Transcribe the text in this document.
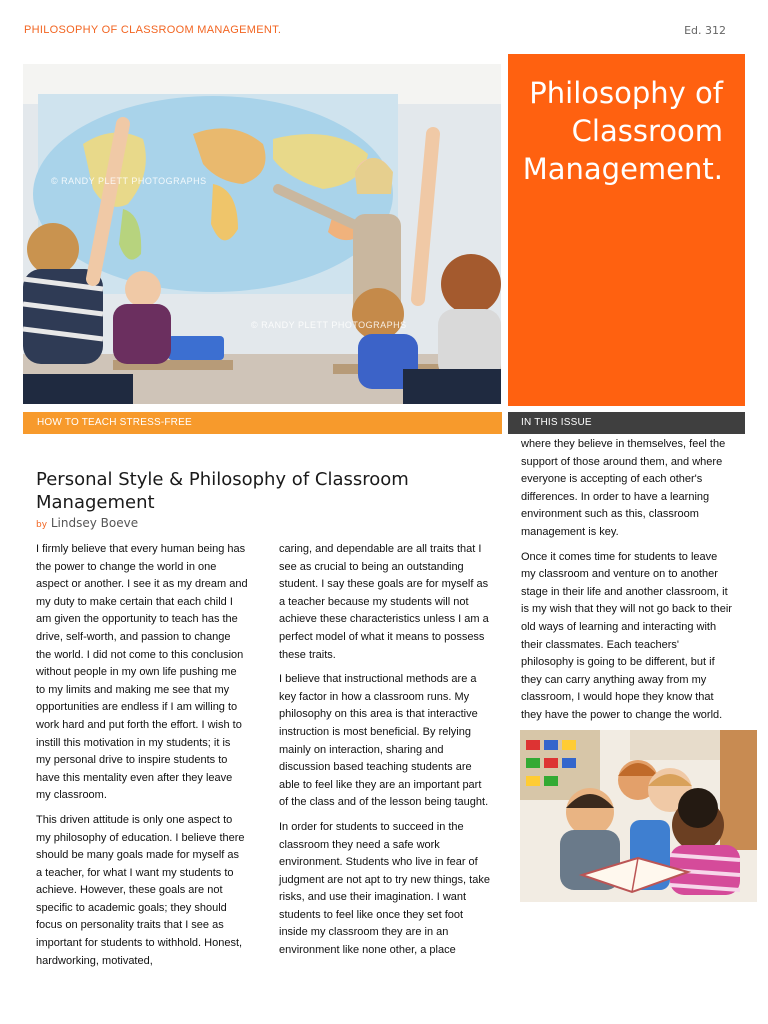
PHILOSOPHY OF CLASSROOM MANAGEMENT.	Ed. 312
© RANDY PLETT PHOTOGRAPHS
© RANDY PLETT PHOTOGRAPHS
Philosophy of Classroom Management.
HOW TO TEACH STRESS-FREE	IN THIS ISSUE
Personal Style & Philosophy of Classroom Management
by Lindsey Boeve

I firmly believe that every human being has the power to change the world in one aspect or another. I see it as my dream and my duty to make certain that each child I am given the opportunity to teach has the drive, self-worth, and passion to change the world. I did not come to this conclusion without people in my own life pushing me to my limits and making me see that my opportunities are endless if I am willing to work hard and put forth the effort. I wish to instill this motivation in my students; it is my personal drive to inspire students to have this mentality even after they leave my classroom.

This driven attitude is only one aspect to my philosophy of education. I believe there should be many goals made for myself as a teacher, for what I want my students to achieve. However, these goals are not specific to academic goals; they should focus on personality traits that I see as important for students to withhold. Honest, hardworking, motivated,

caring, and dependable are all traits that I see as crucial to being an outstanding student. I say these goals are for myself as a teacher because my students will not achieve these characteristics unless I am a perfect model of what it means to possess these traits.

I believe that instructional methods are a key factor in how a classroom runs. My philosophy on this area is that interactive instruction is most beneficial. By relying mainly on interaction, sharing and discussion based teaching students are able to feel like they are an important part of the class and of the lesson being taught.

In order for students to succeed in the classroom they need a safe work environment. Students who live in fear of judgment are not apt to try new things, take risks, and use their imagination. I want students to feel like once they set foot inside my classroom they are in an environment like none other, a place

where they believe in themselves, feel the support of those around them, and where everyone is accepting of each other's differences. In order to have a learning environment such as this, classroom management is key.

Once it comes time for students to leave my classroom and venture on to another stage in their life and another classroom, it is my wish that they will not go back to their old ways of learning and interacting with their classmates. Each teachers' philosophy is going to be different, but if they can carry anything away from my classroom, I would hope they know that they have the power to change the world.
